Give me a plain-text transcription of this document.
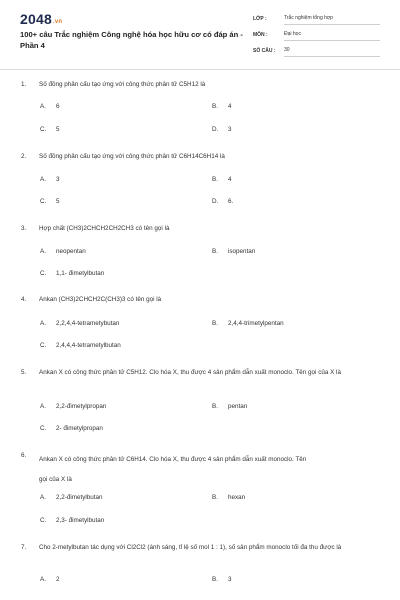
2048.vn
100+ câu Trắc nghiệm Công nghệ hóa học hữu cơ có đáp án - Phần 4
LỚP :	Trắc nghiệm tổng hợp
MÔN :	Đại học
SỐ CÂU : 30
1. Số đồng phân cấu tạo ứng với công thức phân tử C5H12 là
A. 6	B. 4
C. 5	D. 3
2. Số đồng phân cấu tạo ứng với công thức phân tử C6H14C6H14 là
A. 3	B. 4
C. 5	D. 6.
3. Hợp chất (CH3)2CHCH2CH2CH3 có tên gọi là
A. neopentan	B. isopentan
C. 1,1- đimetylbutan
4. Ankan (CH3)2CHCH2C(CH3)3 có tên gọi là
A. 2,2,4,4-tetrametybutan	B. 2,4,4-trimetylpentan
C. 2,4,4,4-tetrametylbutan
5. Ankan X có công thức phân tử C5H12. Clo hóa X, thu được 4 sản phẩm dẫn xuất monoclo. Tên gọi của X là
A. 2,2-đimetylpropan	B. pentan
C. 2- đimetylpropan
6.
Ankan X có công thức phân tử C6H14. Clo hóa X, thu được 4 sản phẩm dẫn xuất monoclo. Tên gọi của X là
A. 2,2-đimetylbutan	B. hexan
C. 2,3- đimetylbutan
7. Cho 2-metylbutan tác dụng với Cl2Cl2 (ánh sáng, tỉ lệ số mol 1 : 1), số sản phẩm monoclo tối đa thu được là
A. 2	B. 3
